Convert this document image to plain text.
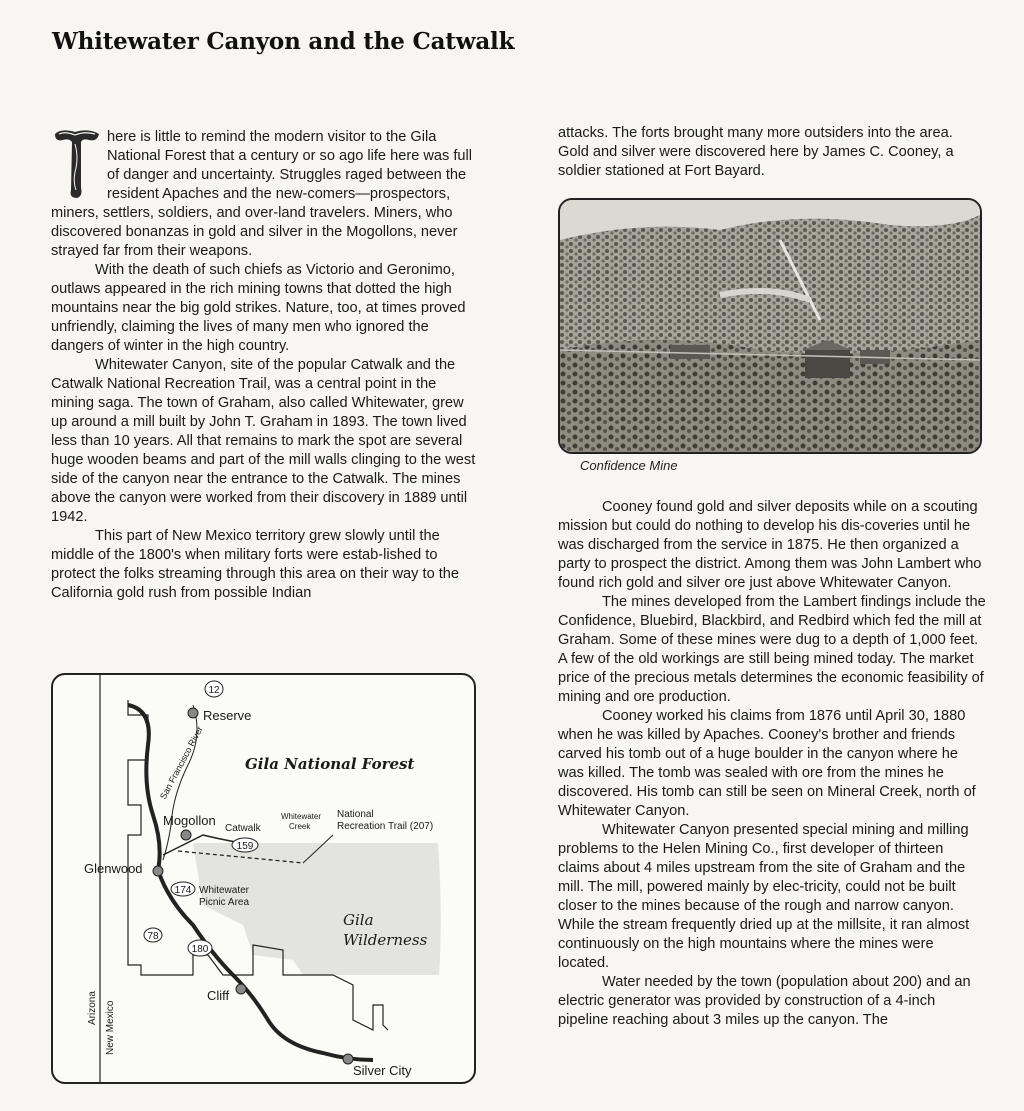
Whitewater Canyon and the Catwalk

here is little to remind the modern visitor to the Gila National Forest that a century or so ago life here was full of danger and uncertainty. Struggles raged between the resident Apaches and the new-comers—prospectors, miners, settlers, soldiers, and over-land travelers. Miners, who discovered bonanzas in gold and silver in the Mogollons, never strayed far from their weapons.

With the death of such chiefs as Victorio and Geronimo, outlaws appeared in the rich mining towns that dotted the high mountains near the big gold strikes. Nature, too, at times proved unfriendly, claiming the lives of many men who ignored the dangers of winter in the high country.

Whitewater Canyon, site of the popular Catwalk and the Catwalk National Recreation Trail, was a central point in the mining saga. The town of Graham, also called Whitewater, grew up around a mill built by John T. Graham in 1893. The town lived less than 10 years. All that remains to mark the spot are several huge wooden beams and part of the mill walls clinging to the west side of the canyon near the entrance to the Catwalk. The mines above the canyon were worked from their discovery in 1889 until 1942.

This part of New Mexico territory grew slowly until the middle of the 1800's when military forts were estab-lished to protect the folks streaming through this area on their way to the California gold rush from possible Indian

attacks. The forts brought many more outsiders into the area. Gold and silver were discovered here by James C. Cooney, a soldier stationed at Fort Bayard.

Confidence Mine

Cooney found gold and silver deposits while on a scouting mission but could do nothing to develop his dis-coveries until he was discharged from the service in 1875. He then organized a party to prospect the district. Among them was John Lambert who found rich gold and silver ore just above Whitewater Canyon.

The mines developed from the Lambert findings include the Confidence, Bluebird, Blackbird, and Redbird which fed the mill at Graham. Some of these mines were dug to a depth of 1,000 feet. A few of the old workings are still being mined today. The market price of the precious metals determines the economic feasibility of mining and ore production.

Cooney worked his claims from 1876 until April 30, 1880 when he was killed by Apaches. Cooney's brother and friends carved his tomb out of a huge boulder in the canyon where he was killed. The tomb was sealed with ore from the mines he discovered. His tomb can still be seen on Mineral Creek, north of Whitewater Canyon.

Whitewater Canyon presented special mining and milling problems to the Helen Mining Co., first developer of thirteen claims about 4 miles upstream from the site of Graham and the mill. The mill, powered mainly by elec-tricity, could not be built closer to the mines because of the rough and narrow canyon. While the stream frequently dried up at the millsite, it ran almost continuously on the high mountains where the mines were located.

Water needed by the town (population about 200) and an electric generator was provided by construction of a 4-inch pipeline reaching about 3 miles up the canyon. The

12
159
174
78
180
Reserve
Gila National Forest
Mogollon
Catwalk
Whitewater
Creek
National
Recreation Trail (207)
Glenwood
Whitewater
Picnic Area
Gila
Wilderness
Cliff
Silver City
San Francisco River
Arizona New Mexico
